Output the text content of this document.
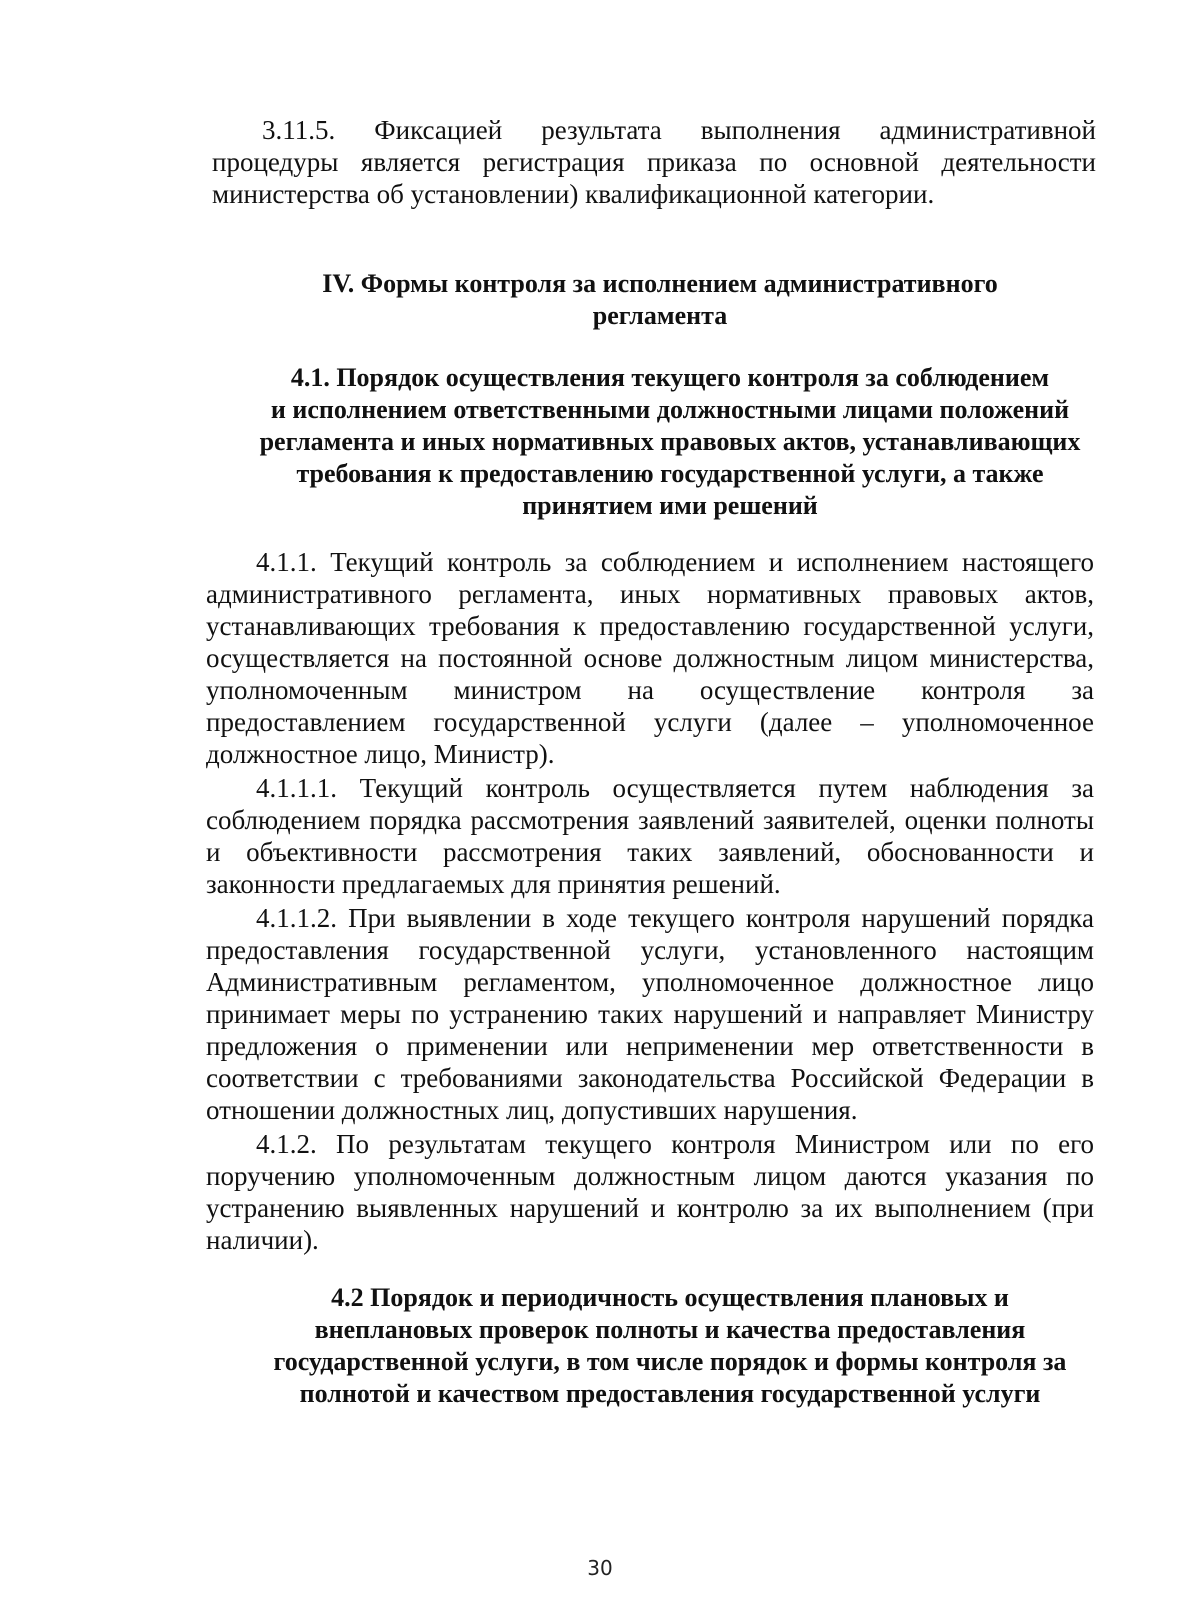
3.11.5. Фиксацией результата выполнения административной процедуры является регистрация приказа по основной деятельности министерства об установлении) квалификационной категории.

IV. Формы контроля за исполнением административного
регламента
4.1. Порядок осуществления текущего контроля за соблюдением
и исполнением ответственными должностными лицами положений
регламента и иных нормативных правовых актов, устанавливающих
требования к предоставлению государственной услуги, а также
принятием ими решений

4.1.1. Текущий контроль за соблюдением и исполнением настоящего административного регламента, иных нормативных правовых актов, устанавливающих требования к предоставлению государственной услуги, осуществляется на постоянной основе должностным лицом министерства, уполномоченным министром на осуществление контроля за предоставлением государственной услуги (далее – уполномоченное должностное лицо, Министр).

4.1.1.1. Текущий контроль осуществляется путем наблюдения за соблюдением порядка рассмотрения заявлений заявителей, оценки полноты и объективности рассмотрения таких заявлений, обоснованности и законности предлагаемых для принятия решений.

4.1.1.2. При выявлении в ходе текущего контроля нарушений порядка предоставления государственной услуги, установленного настоящим Административным регламентом, уполномоченное должностное лицо принимает меры по устранению таких нарушений и направляет Министру предложения о применении или неприменении мер ответственности в соответствии с требованиями законодательства Российской Федерации в отношении должностных лиц, допустивших нарушения.

4.1.2. По результатам текущего контроля Министром или по его поручению уполномоченным должностным лицом даются указания по устранению выявленных нарушений и контролю за их выполнением (при наличии).

4.2 Порядок и периодичность осуществления плановых и
внеплановых проверок полноты и качества предоставления
государственной услуги, в том числе порядок и формы контроля за
полнотой и качеством предоставления государственной услуги
30
